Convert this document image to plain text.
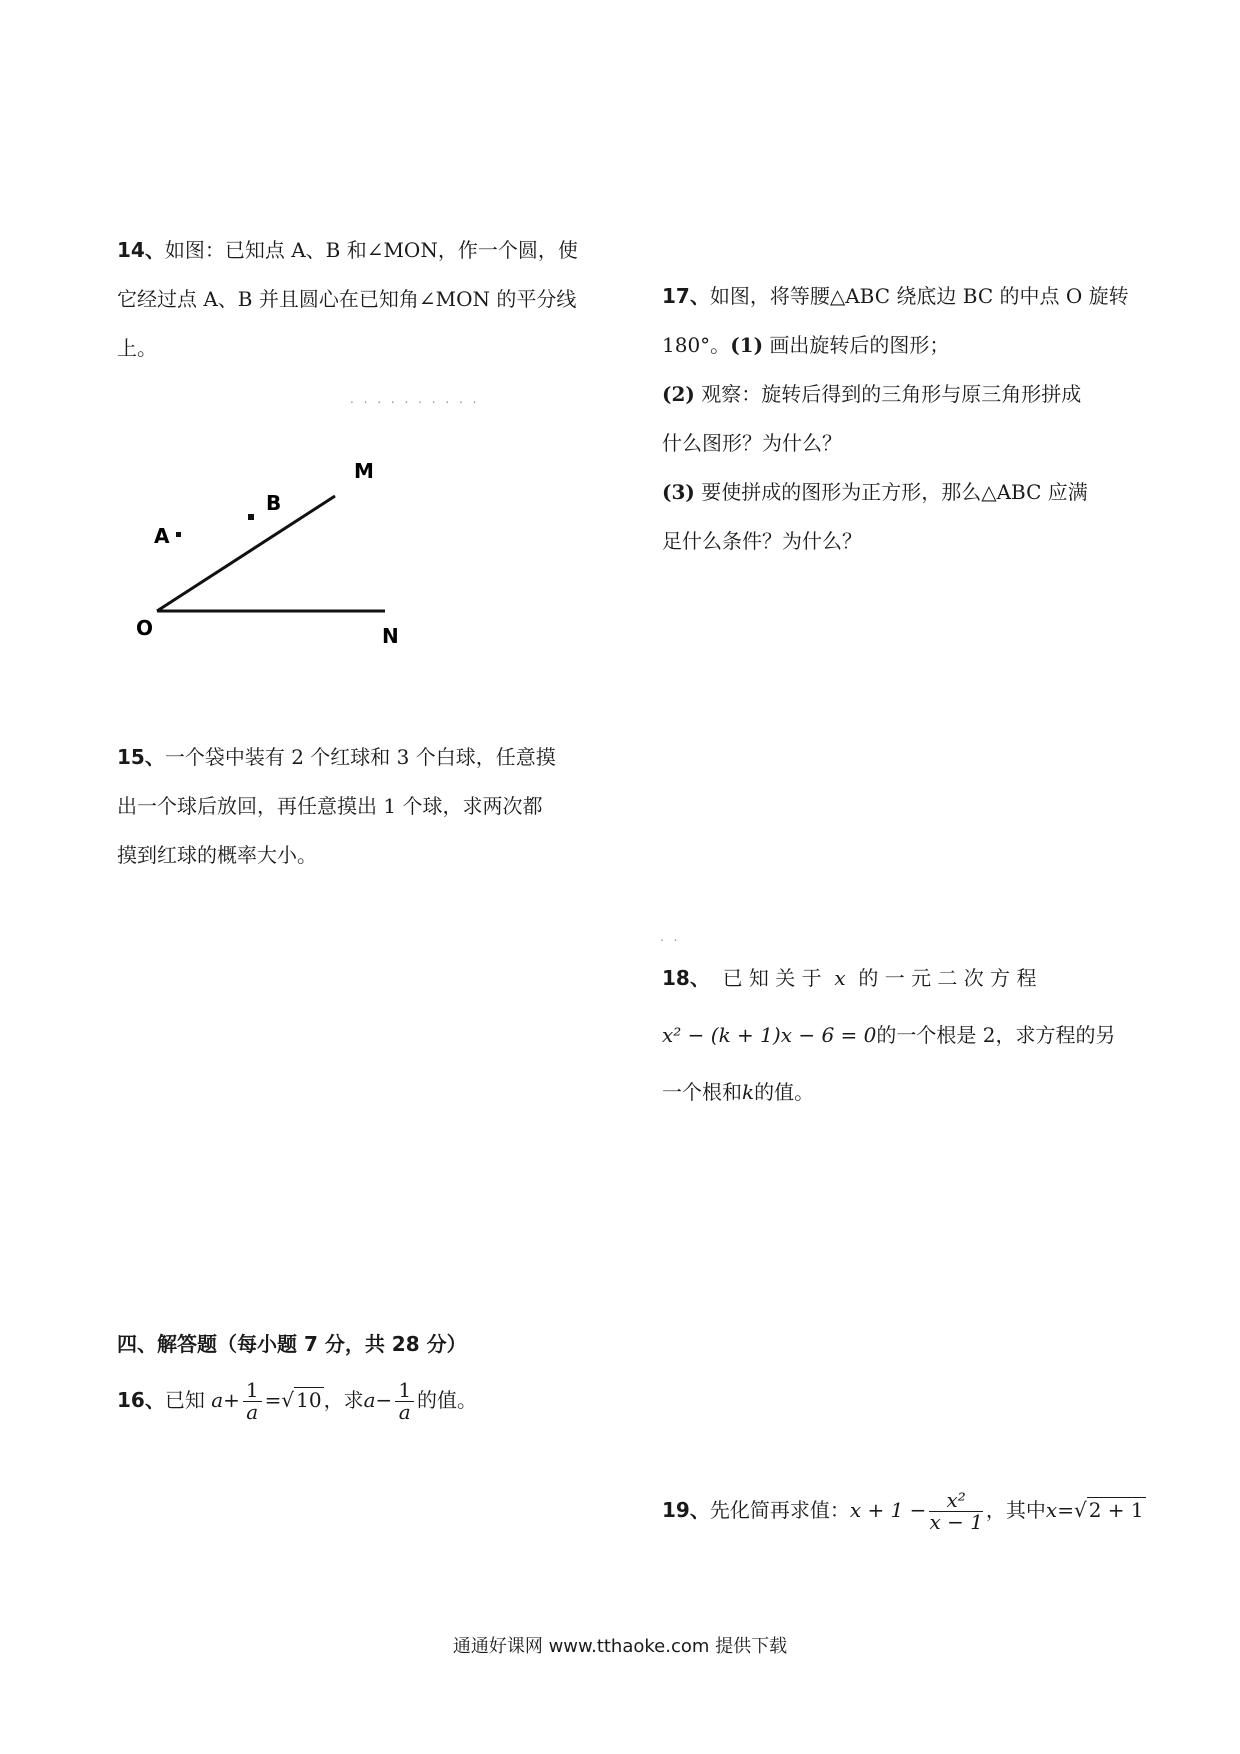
14、如图：已知点 A、B 和∠MON，作一个圆，使
它经过点 A、B 并且圆心在已知角∠MON 的平分线
上。
. . . . . . . . . .
M
B
A
O	N
15、一个袋中装有 2 个红球和 3 个白球，任意摸
出一个球后放回，再任意摸出 1 个球，求两次都
摸到红球的概率大小。
四、解答题（每小题 7 分，共 28 分）
16、已知 $a+ \frac{1}{a}$ =√ 10 ，求$a- \frac{1}{a}$ 的值。
17、如图，将等腰△ABC 绕底边 BC 的中点 O 旋转
180°。(1) 画出旋转后的图形；
(2) 观察：旋转后得到的三角形与原三角形拼成
什么图形？为什么？
(3) 要使拼成的图形为正方形，那么△ABC 应满
足什么条件？为什么？
. .
18、 已 知 关 于 x 的 一 元 二 次 方 程
x² − (k + 1)x − 6 = 0的一个根是 2，求方程的另
一个根和k的值。
19、先化简再求值：$x + 1 - \frac{\text{x²}}{x - 1}$ ，其中x=√ 2 + 1
通通好课网 www.tthaoke.com 提供下载
